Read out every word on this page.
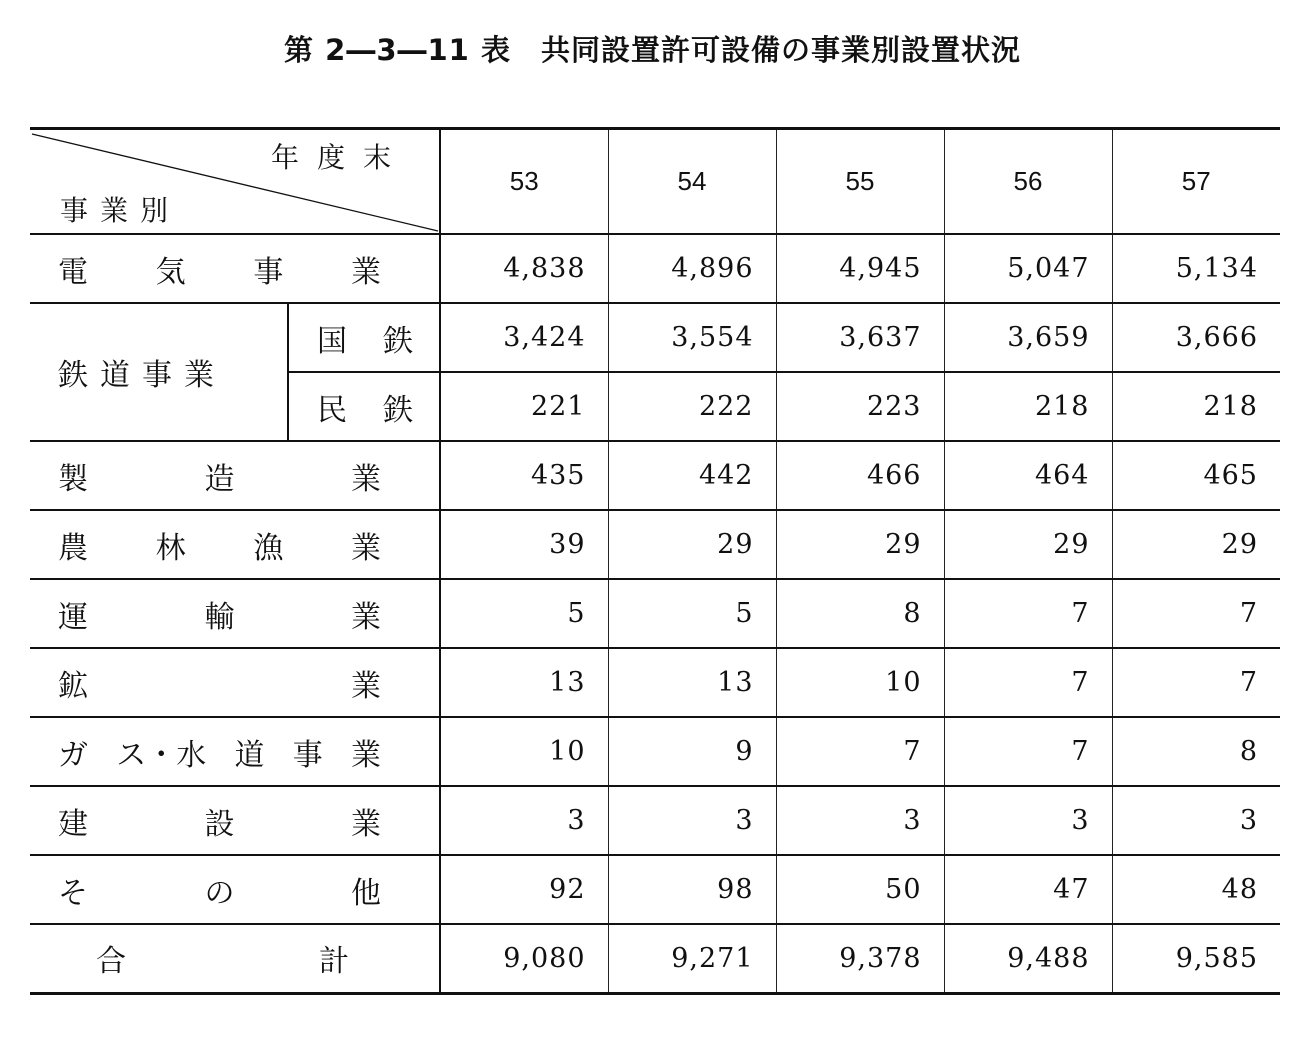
第 2―3―11 表　共同設置許可設備の事業別設置状況
年度末
事業別		53	54	55	56	57

電 気 事 業		4,838	4,896	4,945	5,047	5,134
鉄道事業	国 鉄	3,424	3,554	3,637	3,659	3,666

	民 鉄	221	222	223	218	218

製 造 業		435	442	466	464	465

農 林 漁 業		39	29	29	29	29

運 輸 業		5	5	8	7	7

鉱 業		13	13	10	7	7

ガ ス・水 道 事 業		10	9	7	7	8

建 設 業		3	3	3	3	3

そ の 他		92	98	50	47	48

合 計		9,080	9,271	9,378	9,488	9,585
